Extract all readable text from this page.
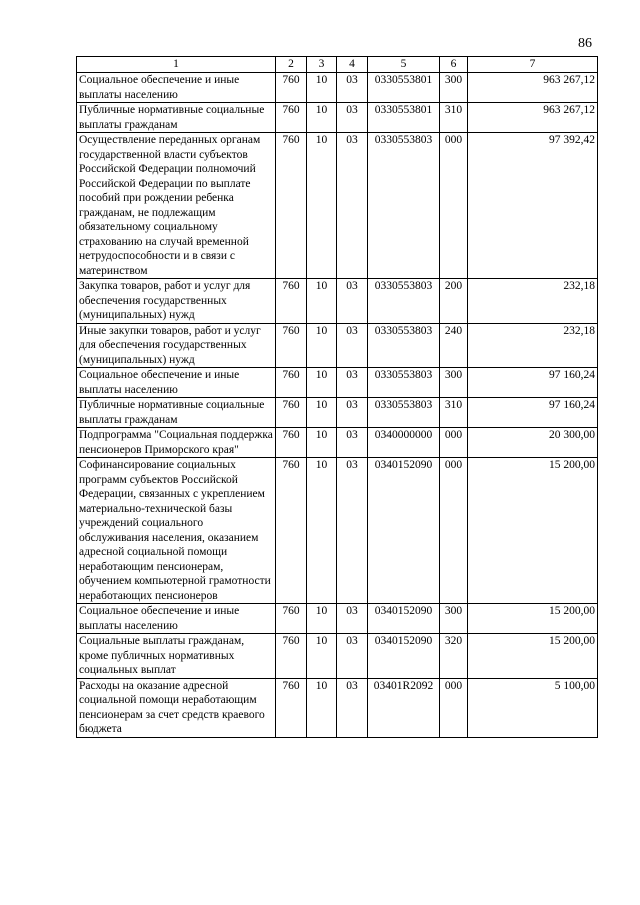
86
1	2	3	4	5	6	7
Социальное обеспечение и иные выплаты населению	760	10	03	0330553801	300	963 267,12
Публичные нормативные социальные выплаты гражданам	760	10	03	0330553801	310	963 267,12
Осуществление переданных органам государственной власти субъектов Российской Федерации полномочий Российской Федерации по выплате пособий при рождении ребенка гражданам, не подлежащим обязательному социальному страхованию на случай временной нетрудоспособности и в связи с материнством	760	10	03	0330553803	000	97 392,42
Закупка товаров, работ и услуг для обеспечения государственных (муниципальных) нужд	760	10	03	0330553803	200	232,18
Иные закупки товаров, работ и услуг для обеспечения государственных (муниципальных) нужд	760	10	03	0330553803	240	232,18
Социальное обеспечение и иные выплаты населению	760	10	03	0330553803	300	97 160,24
Публичные нормативные социальные выплаты гражданам	760	10	03	0330553803	310	97 160,24
Подпрограмма "Социальная поддержка пенсионеров Приморского края"	760	10	03	0340000000	000	20 300,00
Софинансирование социальных программ субъектов Российской Федерации, связанных с укреплением материально-технической базы учреждений социального обслуживания населения, оказанием адресной социальной помощи неработающим пенсионерам, обучением компьютерной грамотности неработающих пенсионеров	760	10	03	0340152090	000	15 200,00
Социальное обеспечение и иные выплаты населению	760	10	03	0340152090	300	15 200,00
Социальные выплаты гражданам, кроме публичных нормативных социальных выплат	760	10	03	0340152090	320	15 200,00
Расходы на оказание адресной социальной помощи неработающим пенсионерам за счет средств краевого бюджета	760	10	03	03401R2092	000	5 100,00
